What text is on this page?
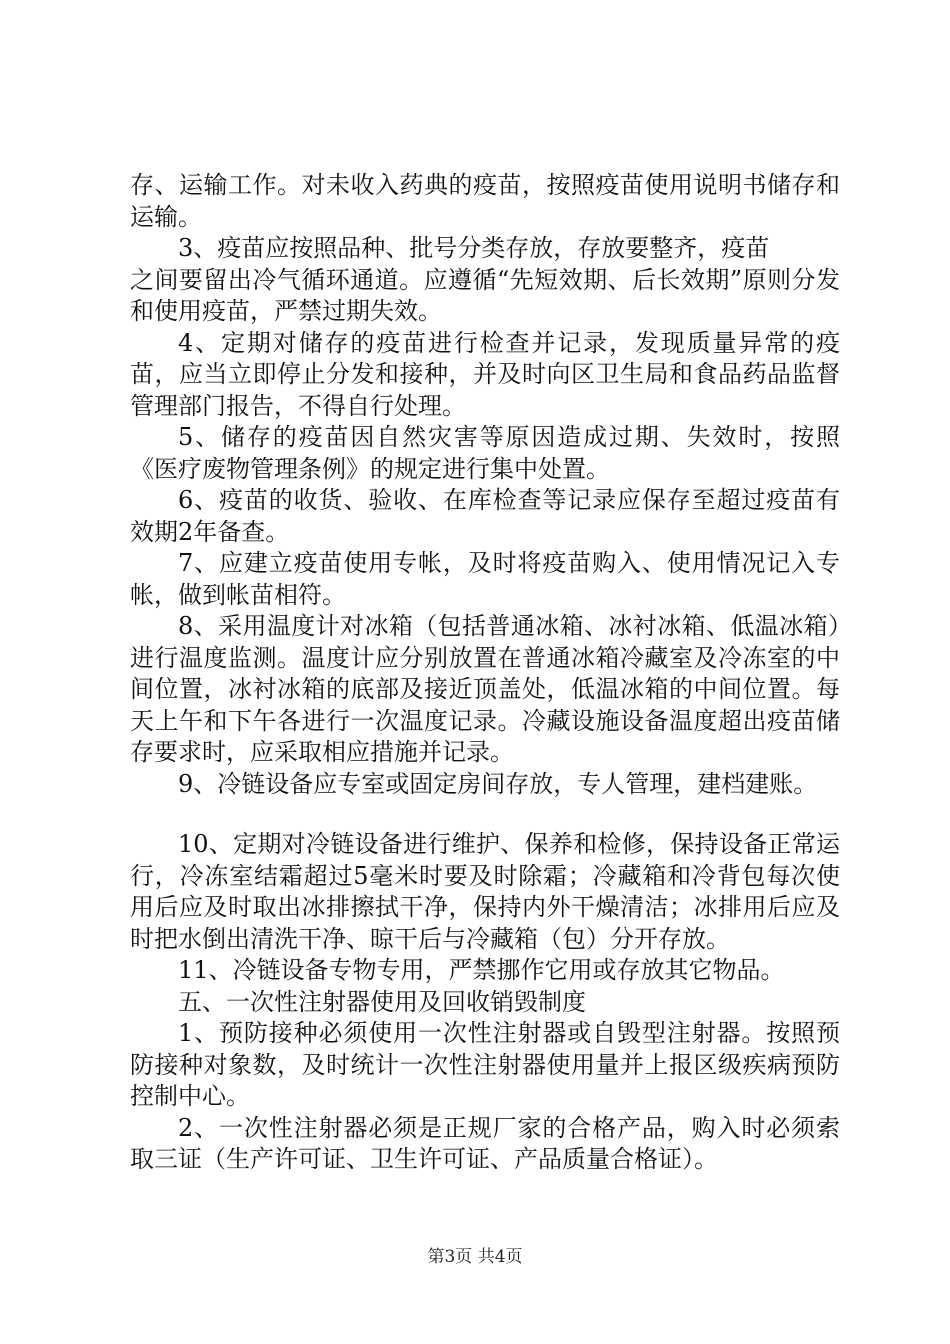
存、运输工作。对未收入药典的疫苗，按照疫苗使用说明书储存和运输。

3、疫苗应按照品种、批号分类存放，存放要整齐，疫苗

之间要留出冷气循环通道。应遵循“先短效期、后长效期”原则分发和使用疫苗，严禁过期失效。

4、定期对储存的疫苗进行检查并记录，发现质量异常的疫苗，应当立即停止分发和接种，并及时向区卫生局和食品药品监督管理部门报告，不得自行处理。

5、储存的疫苗因自然灾害等原因造成过期、失效时，按照《医疗废物管理条例》的规定进行集中处置。

6、疫苗的收货、验收、在库检查等记录应保存至超过疫苗有效期2年备查。

7、应建立疫苗使用专帐，及时将疫苗购入、使用情况记入专帐，做到帐苗相符。

8、采用温度计对冰箱（包括普通冰箱、冰衬冰箱、低温冰箱）进行温度监测。温度计应分别放置在普通冰箱冷藏室及冷冻室的中间位置，冰衬冰箱的底部及接近顶盖处，低温冰箱的中间位置。每天上午和下午各进行一次温度记录。冷藏设施设备温度超出疫苗储存要求时，应采取相应措施并记录。

9、冷链设备应专室或固定房间存放，专人管理，建档建账。

10、定期对冷链设备进行维护、保养和检修，保持设备正常运行，冷冻室结霜超过5毫米时要及时除霜；冷藏箱和冷背包每次使用后应及时取出冰排擦拭干净，保持内外干燥清洁；冰排用后应及时把水倒出清洗干净、晾干后与冷藏箱（包）分开存放。

11、冷链设备专物专用，严禁挪作它用或存放其它物品。

五、一次性注射器使用及回收销毁制度

1、预防接种必须使用一次性注射器或自毁型注射器。按照预防接种对象数，及时统计一次性注射器使用量并上报区级疾病预防控制中心。

2、一次性注射器必须是正规厂家的合格产品，购入时必须索取三证（生产许可证、卫生许可证、产品质量合格证）。

第3页 共4页
